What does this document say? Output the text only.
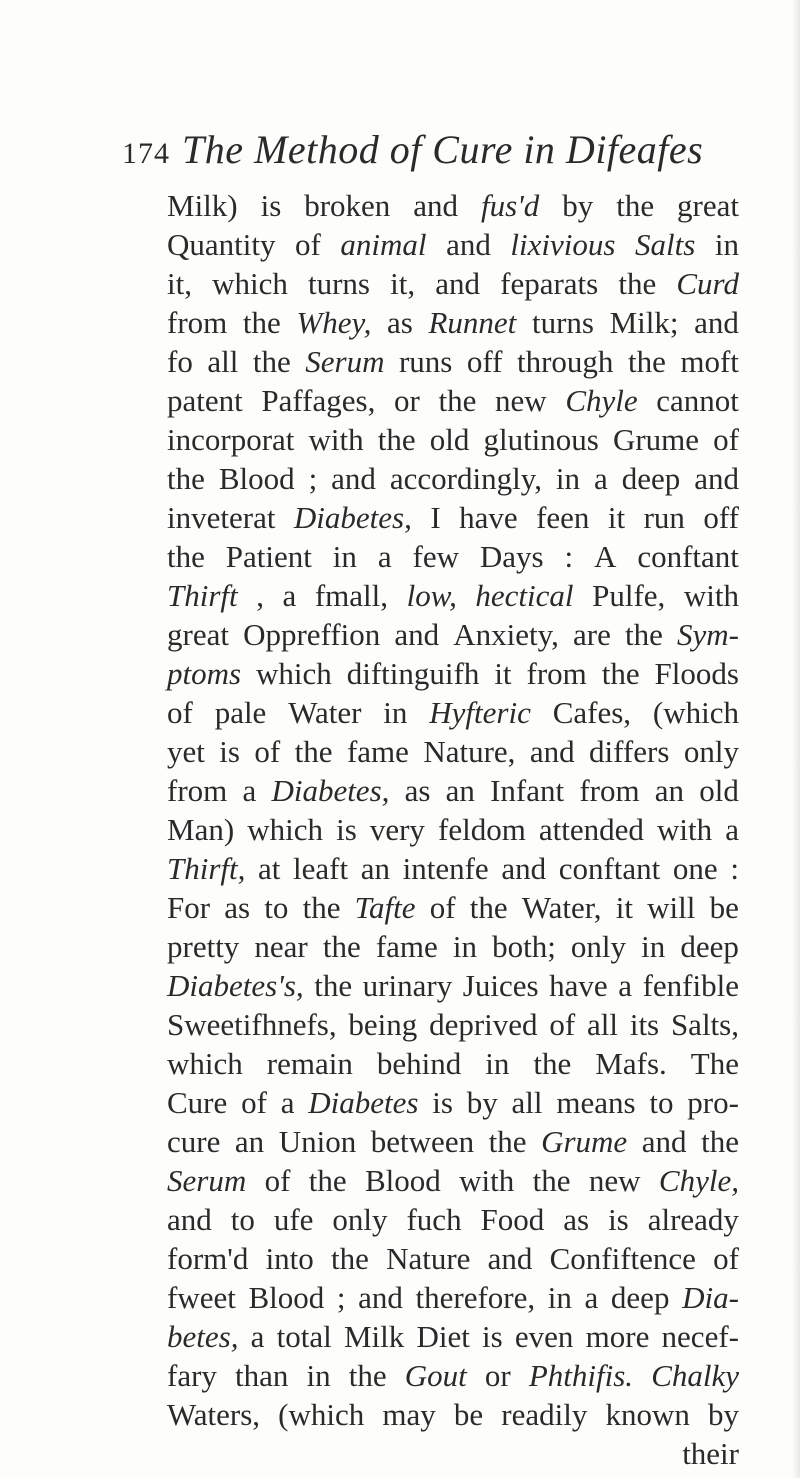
174 The Method of Cure in Difeafes
Milk) is broken and fus'd by the great
Quantity of animal and lixivious Salts in
it, which turns it, and feparats the Curd
from the Whey, as Runnet turns Milk; and
fo all the Serum runs off through the moft
patent Paffages, or the new Chyle cannot
incorporat with the old glutinous Grume of
the Blood ; and accordingly, in a deep and
inveterat Diabetes, I have feen it run off
the Patient in a few Days : A conftant
Thirft , a fmall, low, hectical Pulfe, with
great Oppreffion and Anxiety, are the Sym-
ptoms which diftinguifh it from the Floods
of pale Water in Hyfteric Cafes, (which
yet is of the fame Nature, and differs only
from a Diabetes, as an Infant from an old
Man) which is very feldom attended with a
Thirft, at leaft an intenfe and conftant one :
For as to the Tafte of the Water, it will be
pretty near the fame in both; only in deep
Diabetes's, the urinary Juices have a fenfible
Sweetifhnefs, being deprived of all its Salts,
which remain behind in the Mafs. The
Cure of a Diabetes is by all means to pro-
cure an Union between the Grume and the
Serum of the Blood with the new Chyle,
and to ufe only fuch Food as is already
form'd into the Nature and Confiftence of
fweet Blood ; and therefore, in a deep Dia-
betes, a total Milk Diet is even more necef-
fary than in the Gout or Phthifis. Chalky
Waters, (which may be readily known by
their
